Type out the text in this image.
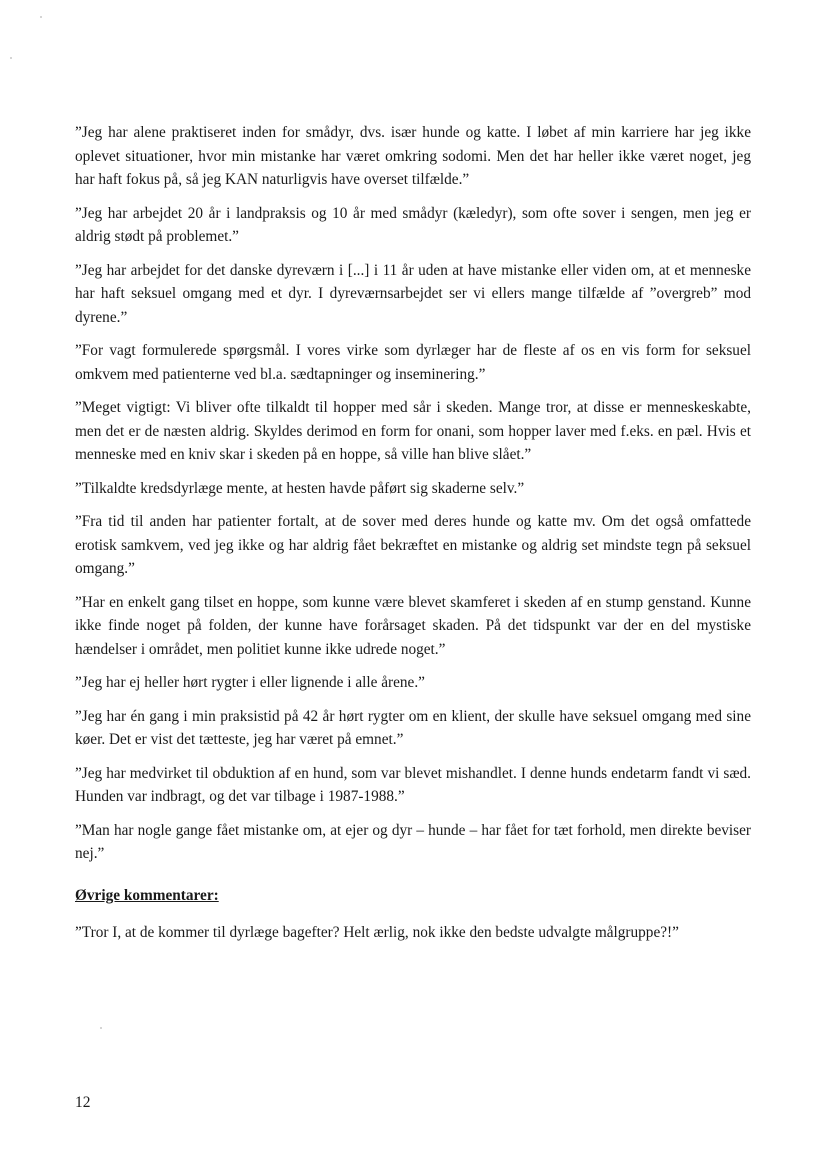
”Jeg har alene praktiseret inden for smådyr, dvs. især hunde og katte. I løbet af min karriere har jeg ikke oplevet situationer, hvor min mistanke har været omkring sodomi. Men det har heller ikke været noget, jeg har haft fokus på, så jeg KAN naturligvis have overset tilfælde.”

”Jeg har arbejdet 20 år i landpraksis og 10 år med smådyr (kæledyr), som ofte sover i sengen, men jeg er aldrig stødt på problemet.”

”Jeg har arbejdet for det danske dyreværn i [...] i 11 år uden at have mistanke eller viden om, at et menneske har haft seksuel omgang med et dyr. I dyreværnsarbejdet ser vi ellers mange tilfælde af ”overgreb” mod dyrene.”

”For vagt formulerede spørgsmål. I vores virke som dyrlæger har de fleste af os en vis form for seksuel omkvem med patienterne ved bl.a. sædtapninger og inseminering.”

”Meget vigtigt: Vi bliver ofte tilkaldt til hopper med sår i skeden. Mange tror, at disse er menneskeskabte, men det er de næsten aldrig. Skyldes derimod en form for onani, som hopper laver med f.eks. en pæl. Hvis et menneske med en kniv skar i skeden på en hoppe, så ville han blive slået.”

”Tilkaldte kredsdyrlæge mente, at hesten havde påført sig skaderne selv.”

”Fra tid til anden har patienter fortalt, at de sover med deres hunde og katte mv. Om det også omfattede erotisk samkvem, ved jeg ikke og har aldrig fået bekræftet en mistanke og aldrig set mindste tegn på seksuel omgang.”

”Har en enkelt gang tilset en hoppe, som kunne være blevet skamferet i skeden af en stump genstand. Kunne ikke finde noget på folden, der kunne have forårsaget skaden. På det tidspunkt var der en del mystiske hændelser i området, men politiet kunne ikke udrede noget.”

”Jeg har ej heller hørt rygter i eller lignende i alle årene.”

”Jeg har én gang i min praksistid på 42 år hørt rygter om en klient, der skulle have seksuel omgang med sine køer. Det er vist det tætteste, jeg har været på emnet.”

”Jeg har medvirket til obduktion af en hund, som var blevet mishandlet. I denne hunds endetarm fandt vi sæd. Hunden var indbragt, og det var tilbage i 1987-1988.”

”Man har nogle gange fået mistanke om, at ejer og dyr – hunde – har fået for tæt forhold, men direkte beviser nej.”

Øvrige kommentarer:

”Tror I, at de kommer til dyrlæge bagefter? Helt ærlig, nok ikke den bedste udvalgte målgruppe?!”

12
